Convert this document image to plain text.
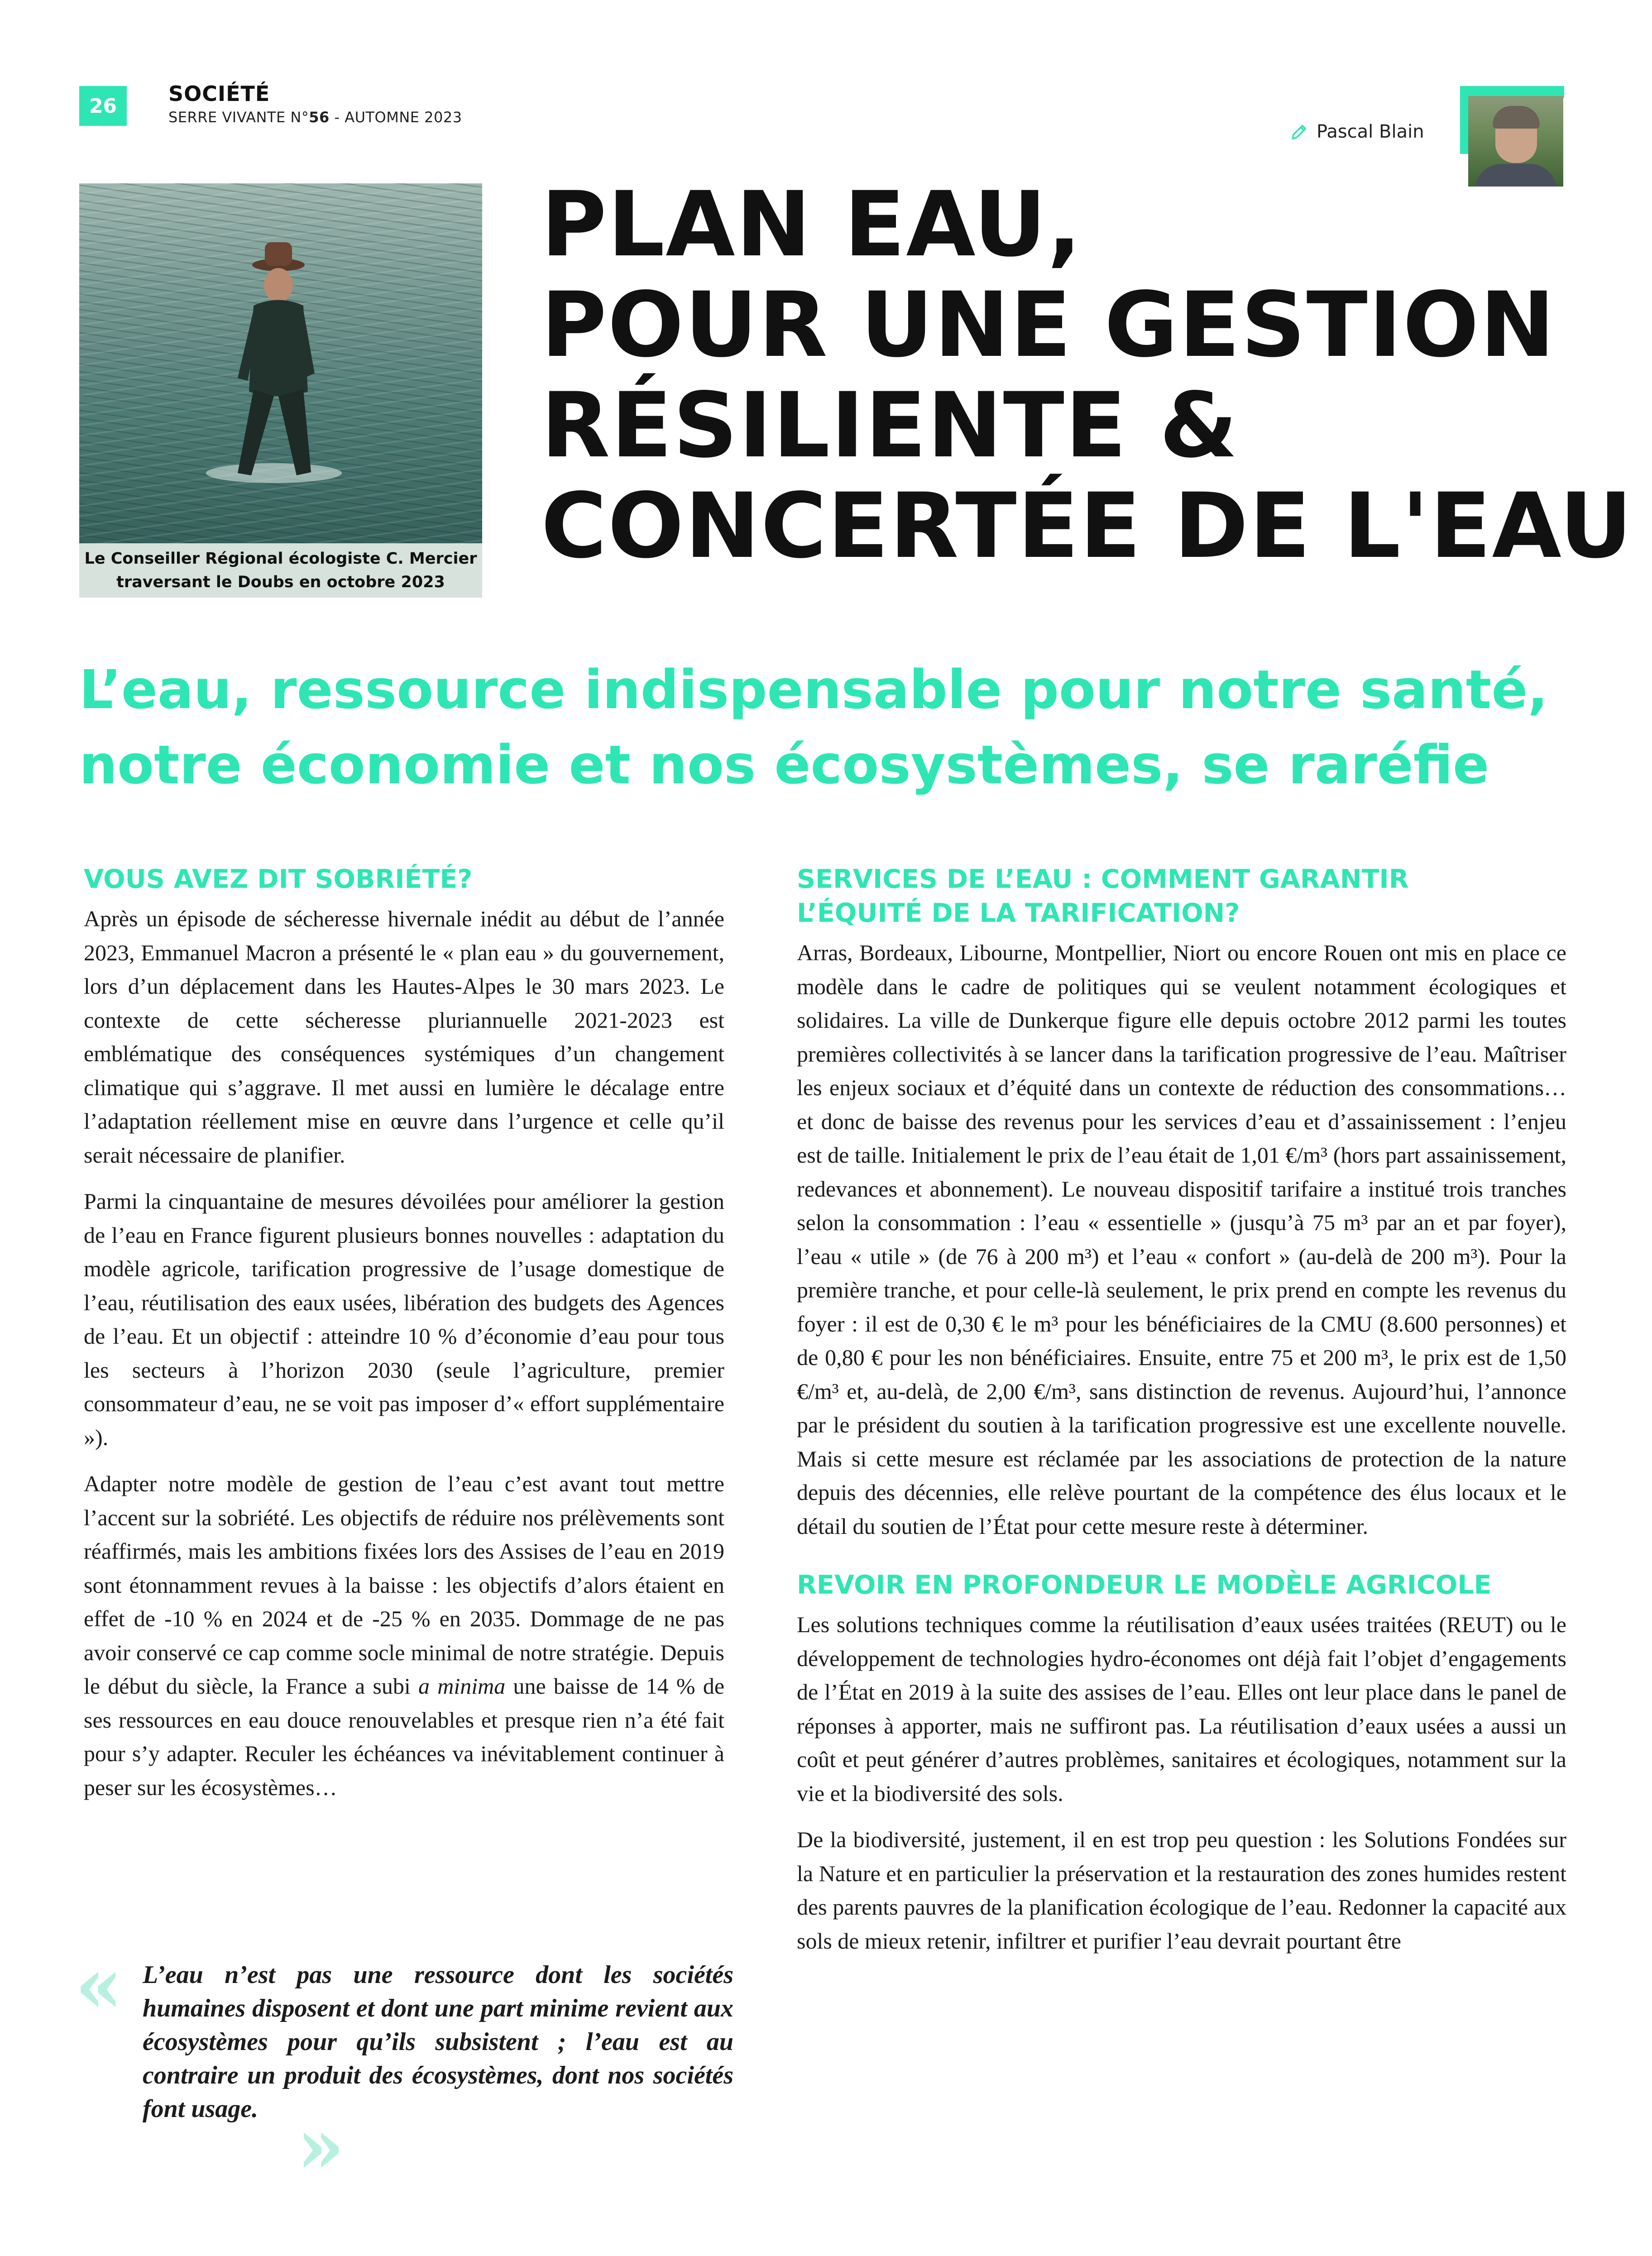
26	SOCIÉTÉ
SERRE VIVANTE N°56 - AUTOMNE 2023
Pascal Blain
Le Conseiller Régional écologiste C. Mercier
traversant le Doubs en octobre 2023
PLAN EAU,
POUR UNE GESTION
RÉSILIENTE &
CONCERTÉE DE L'EAU
L’eau, ressource indispensable pour notre santé,
notre économie et nos écosystèmes, se raréfie
VOUS AVEZ DIT SOBRIÉTÉ?

Après un épisode de sécheresse hivernale inédit au début de l’année 2023, Emmanuel Macron a présenté le « plan eau » du gouvernement, lors d’un déplacement dans les Hautes-Alpes le 30 mars 2023. Le contexte de cette sécheresse pluriannuelle 2021-2023 est emblématique des conséquences systémiques d’un changement climatique qui s’aggrave. Il met aussi en lumière le décalage entre l’adaptation réellement mise en œuvre dans l’urgence et celle qu’il serait nécessaire de planifier.

Parmi la cinquantaine de mesures dévoilées pour améliorer la gestion de l’eau en France figurent plusieurs bonnes nouvelles : adaptation du modèle agricole, tarification progressive de l’usage domestique de l’eau, réutilisation des eaux usées, libération des budgets des Agences de l’eau. Et un objectif : atteindre 10 % d’économie d’eau pour tous les secteurs à l’horizon 2030 (seule l’agriculture, premier consommateur d’eau, ne se voit pas imposer d’« effort supplémentaire »).

Adapter notre modèle de gestion de l’eau c’est avant tout mettre l’accent sur la sobriété. Les objectifs de réduire nos prélèvements sont réaffirmés, mais les ambitions fixées lors des Assises de l’eau en 2019 sont étonnamment revues à la baisse : les objectifs d’alors étaient en effet de -10 % en 2024 et de -25 % en 2035. Dommage de ne pas avoir conservé ce cap comme socle minimal de notre stratégie. Depuis le début du siècle, la France a subi a minima une baisse de 14 % de ses ressources en eau douce renouvelables et presque rien n’a été fait pour s’y adapter. Reculer les échéances va inévitablement continuer à peser sur les écosystèmes…

« L’eau n’est pas une ressource dont les sociétés humaines disposent et dont une part minime revient aux écosystèmes pour qu’ils subsistent ; l’eau est au contraire un produit des écosystèmes, dont nos sociétés font usage. »
SERVICES DE L’EAU : COMMENT GARANTIR
L’ÉQUITÉ DE LA TARIFICATION?

Arras, Bordeaux, Libourne, Montpellier, Niort ou encore Rouen ont mis en place ce modèle dans le cadre de politiques qui se veulent notamment écologiques et solidaires. La ville de Dunkerque figure elle depuis octobre 2012 parmi les toutes premières collectivités à se lancer dans la tarification progressive de l’eau. Maîtriser les enjeux sociaux et d’équité dans un contexte de réduction des consommations… et donc de baisse des revenus pour les services d’eau et d’assainissement : l’enjeu est de taille. Initialement le prix de l’eau était de 1,01 €/m³ (hors part assainissement, redevances et abonnement). Le nouveau dispositif tarifaire a institué trois tranches selon la consommation : l’eau « essentielle » (jusqu’à 75 m³ par an et par foyer), l’eau « utile » (de 76 à 200 m³) et l’eau « confort » (au-delà de 200 m³). Pour la première tranche, et pour celle-là seulement, le prix prend en compte les revenus du foyer : il est de 0,30 € le m³ pour les bénéficiaires de la CMU (8.600 personnes) et de 0,80 € pour les non bénéficiaires. Ensuite, entre 75 et 200 m³, le prix est de 1,50 €/m³ et, au-delà, de 2,00 €/m³, sans distinction de revenus. Aujourd’hui, l’annonce par le président du soutien à la tarification progressive est une excellente nouvelle. Mais si cette mesure est réclamée par les associations de protection de la nature depuis des décennies, elle relève pourtant de la compétence des élus locaux et le détail du soutien de l’État pour cette mesure reste à déterminer.

REVOIR EN PROFONDEUR LE MODÈLE AGRICOLE

Les solutions techniques comme la réutilisation d’eaux usées traitées (REUT) ou le développement de technologies hydro-économes ont déjà fait l’objet d’engagements de l’État en 2019 à la suite des assises de l’eau. Elles ont leur place dans le panel de réponses à apporter, mais ne suffiront pas. La réutilisation d’eaux usées a aussi un coût et peut générer d’autres problèmes, sanitaires et écologiques, notamment sur la vie et la biodiversité des sols.

De la biodiversité, justement, il en est trop peu question : les Solutions Fondées sur la Nature et en particulier la préservation et la restauration des zones humides restent des parents pauvres de la planification écologique de l’eau. Redonner la capacité aux sols de mieux retenir, infiltrer et purifier l’eau devrait pourtant être
